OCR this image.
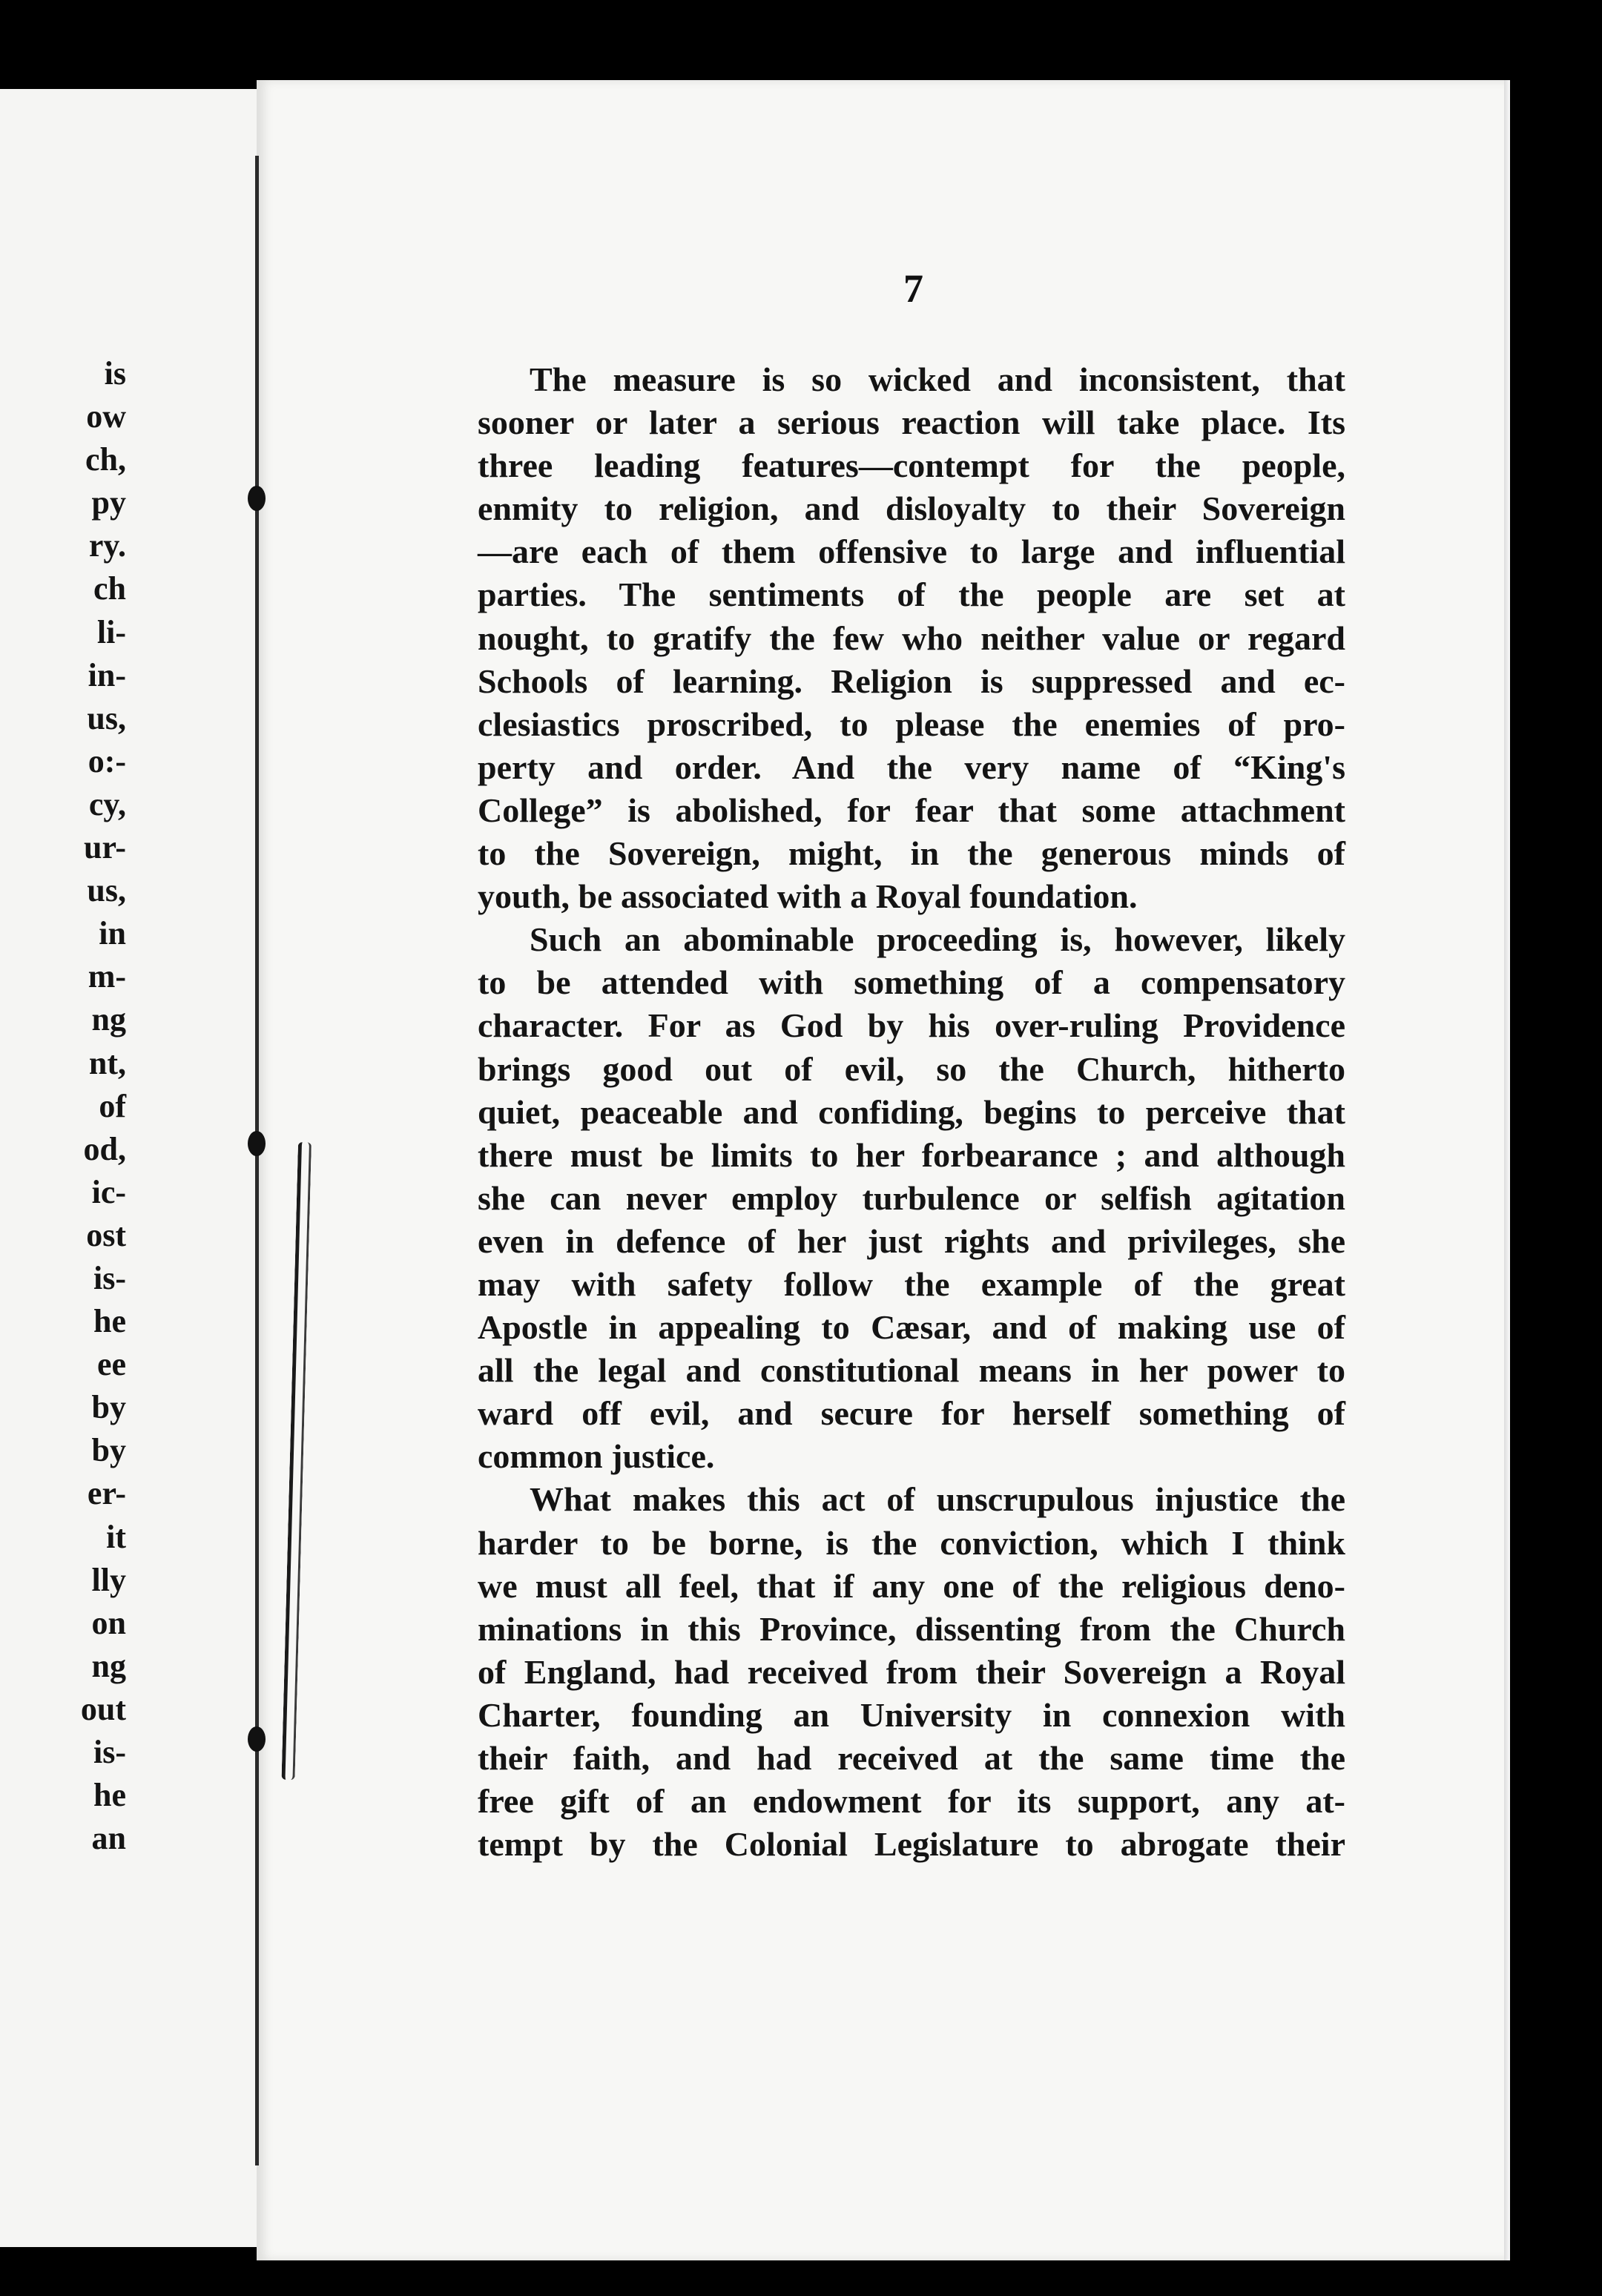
is
ow
ch,
py
ry.
ch
li-
in-
us,
o:-
cy,
ur-
us,
in
m-
ng
nt,
of
od,
ic-
ost
is-
he
ee
by
by
er-
it
lly
on
ng
out
is-
he
an
7
The measure is so wicked and inconsistent, that
sooner or later a serious reaction will take place. Its
three leading features—contempt for the people,
enmity to religion, and disloyalty to their Sovereign
—are each of them offensive to large and influential
parties. The sentiments of the people are set at
nought, to gratify the few who neither value or regard
Schools of learning. Religion is suppressed and ec-
clesiastics proscribed, to please the enemies of pro-
perty and order. And the very name of “King's
College” is abolished, for fear that some attachment
to the Sovereign, might, in the generous minds of
youth, be associated with a Royal foundation.
Such an abominable proceeding is, however, likely
to be attended with something of a compensatory
character. For as God by his over-ruling Providence
brings good out of evil, so the Church, hitherto
quiet, peaceable and confiding, begins to perceive that
there must be limits to her forbearance ; and although
she can never employ turbulence or selfish agitation
even in defence of her just rights and privileges, she
may with safety follow the example of the great
Apostle in appealing to Cæsar, and of making use of
all the legal and constitutional means in her power to
ward off evil, and secure for herself something of
common justice.
What makes this act of unscrupulous injustice the
harder to be borne, is the conviction, which I think
we must all feel, that if any one of the religious deno-
minations in this Province, dissenting from the Church
of England, had received from their Sovereign a Royal
Charter, founding an University in connexion with
their faith, and had received at the same time the
free gift of an endowment for its support, any at-
tempt by the Colonial Legislature to abrogate their
